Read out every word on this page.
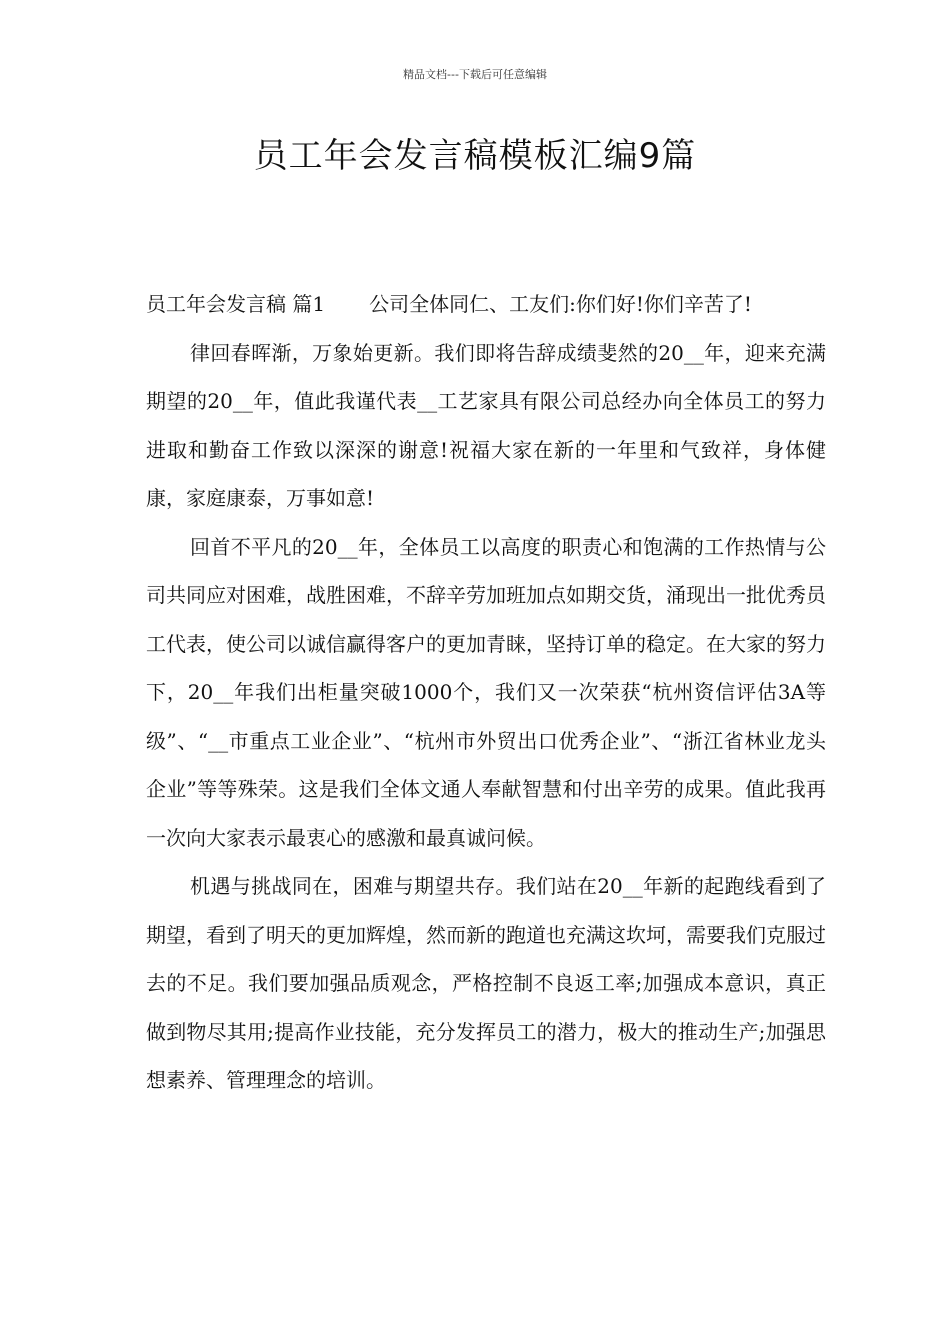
精品文档---下载后可任意编辑
员工年会发言稿模板汇编9篇

员工年会发言稿 篇1 公司全体同仁、工友们:你们好!你们辛苦了!

律回春晖渐，万象始更新。我们即将告辞成绩斐然的20__年，迎来充满期望的20__年，值此我谨代表__工艺家具有限公司总经办向全体员工的努力进取和勤奋工作致以深深的谢意!祝福大家在新的一年里和气致祥，身体健康，家庭康泰，万事如意!

回首不平凡的20__年，全体员工以高度的职责心和饱满的工作热情与公司共同应对困难，战胜困难，不辞辛劳加班加点如期交货，涌现出一批优秀员工代表，使公司以诚信赢得客户的更加青睐，坚持订单的稳定。在大家的努力下，20__年我们出柜量突破1000个，我们又一次荣获“杭州资信评估3A等级”、“__市重点工业企业”、“杭州市外贸出口优秀企业”、“浙江省林业龙头企业”等等殊荣。这是我们全体文通人奉献智慧和付出辛劳的成果。值此我再一次向大家表示最衷心的感激和最真诚问候。

机遇与挑战同在，困难与期望共存。我们站在20__年新的起跑线看到了期望，看到了明天的更加辉煌，然而新的跑道也充满这坎坷，需要我们克服过去的不足。我们要加强品质观念，严格控制不良返工率;加强成本意识，真正做到物尽其用;提高作业技能，充分发挥员工的潜力，极大的推动生产;加强思想素养、管理理念的培训。
